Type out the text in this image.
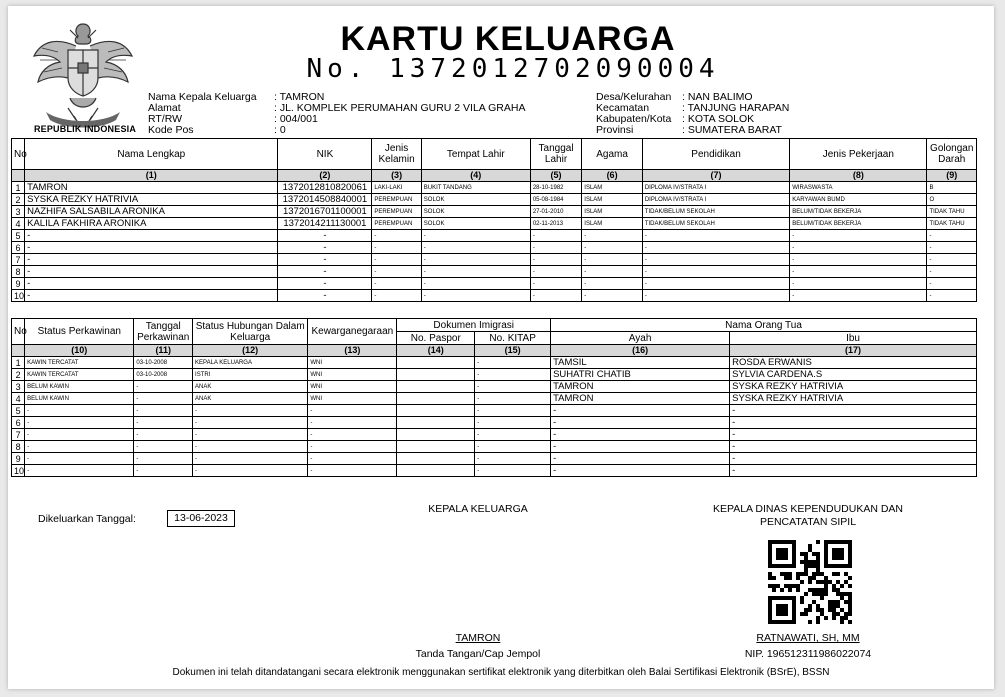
REPUBLIK INDONESIA
KARTU KELUARGA
No. 1372012702090004
Nama Kepala Keluarga	: TAMRON
Alamat	: JL. KOMPLEK PERUMAHAN GURU 2 VILA GRAHA
RT/RW	: 004/001
Kode Pos	: 0
Desa/Kelurahan	: NAN BALIMO
Kecamatan	: TANJUNG HARAPAN
Kabupaten/Kota	: KOTA SOLOK
Provinsi	: SUMATERA BARAT
No	Nama Lengkap	NIK	Jenis Kelamin	Tempat Lahir	Tanggal Lahir	Agama	Pendidikan	Jenis Pekerjaan	Golongan Darah
	(1)	(2)	(3)	(4)	(5)	(6)	(7)	(8)	(9)
1	TAMRON	1372012810820061	LAKI-LAKI	BUKIT TANDANG	28-10-1982	ISLAM	DIPLOMA IV/STRATA I	WIRASWASTA	B
2	SYSKA REZKY HATRIVIA	1372014508840001	PEREMPUAN	SOLOK	05-08-1984	ISLAM	DIPLOMA IV/STRATA I	KARYAWAN BUMD	O
3	NAZHIFA SALSABILA ARONIKA	1372016701100001	PEREMPUAN	SOLOK	27-01-2010	ISLAM	TIDAK/BELUM SEKOLAH	BELUM/TIDAK BEKERJA	TIDAK TAHU
4	KALILA FAKHIRA ARONIKA	1372014211130001	PEREMPUAN	SOLOK	02-11-2013	ISLAM	TIDAK/BELUM SEKOLAH	BELUM/TIDAK BEKERJA	TIDAK TAHU
5	-	-	-	-	-	-	-	-	-
6	-	-	-	-	-	-	-	-	-
7	-	-	-	-	-	-	-	-	-
8	-	-	-	-	-	-	-	-	-
9	-	-	-	-	-	-	-	-	-
10	-	-	-	-	-	-	-	-	-
No	Status Perkawinan	Tanggal Perkawinan	Status Hubungan Dalam Keluarga	Kewarganegaraan	Dokumen Imigrasi		Nama Orang Tua	
					No. Paspor	No. KITAP	Ayah	Ibu
	(10)	(11)	(12)	(13)	(14)	(15)	(16)	(17)
1	KAWIN TERCATAT	03-10-2008	KEPALA KELUARGA	WNI		-	TAMSIL	ROSDA ERWANIS
2	KAWIN TERCATAT	03-10-2008	ISTRI	WNI		-	SUHATRI CHATIB	SYLVIA CARDENA.S
3	BELUM KAWIN	-	ANAK	WNI		-	TAMRON	SYSKA REZKY HATRIVIA
4	BELUM KAWIN	-	ANAK	WNI		-	TAMRON	SYSKA REZKY HATRIVIA
5	-	-	-	-		-	-	-
6	-	-	-	-		-	-	-
7	-	-	-	-		-	-	-
8	-	-	-	-		-	-	-
9	-	-	-	-		-	-	-
10	-	-	-	-		-	-	-
Dikeluarkan Tanggal:	13-06-2023
KEPALA KELUARGA
TAMRON
Tanda Tangan/Cap Jempol
KEPALA DINAS KEPENDUDUKAN DAN
PENCATATAN SIPIL
RATNAWATI, SH, MM
NIP. 196512311986022074
Dokumen ini telah ditandatangani secara elektronik menggunakan sertifikat elektronik yang diterbitkan oleh Balai Sertifikasi Elektronik (BSrE), BSSN
